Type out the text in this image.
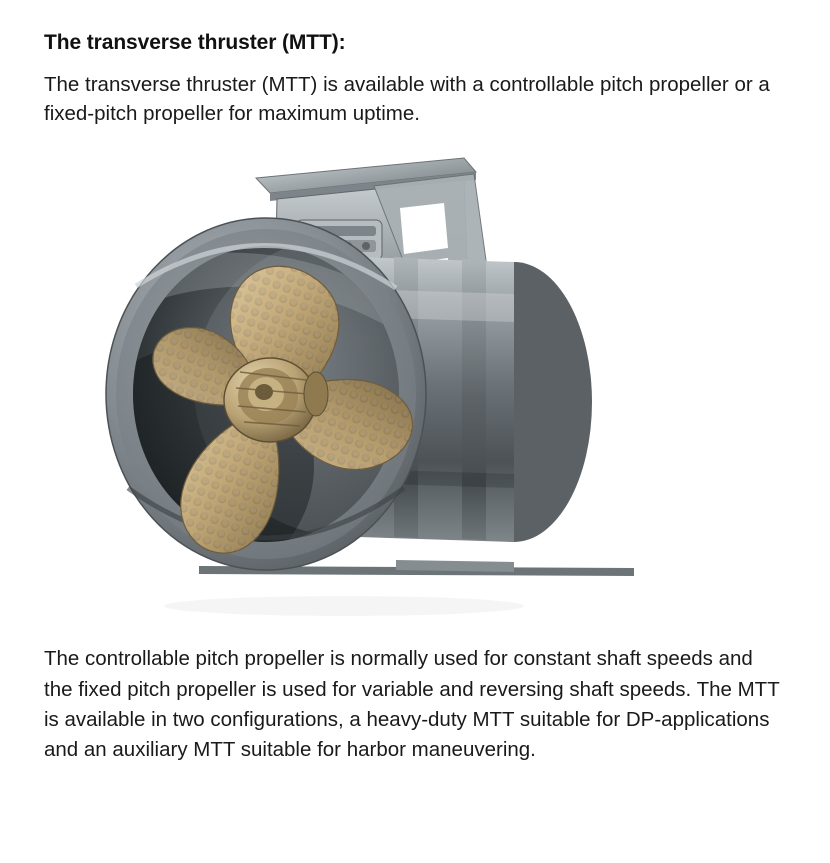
The transverse thruster (MTT):

The transverse thruster (MTT) is available with a controllable pitch propeller or a fixed-pitch propeller for maximum uptime.

The controllable pitch propeller is normally used for constant shaft speeds and the fixed pitch propeller is used for variable and reversing shaft speeds. The MTT is available in two configurations, a heavy-duty MTT suitable for DP-applications and an auxiliary MTT suitable for harbor maneuvering.
